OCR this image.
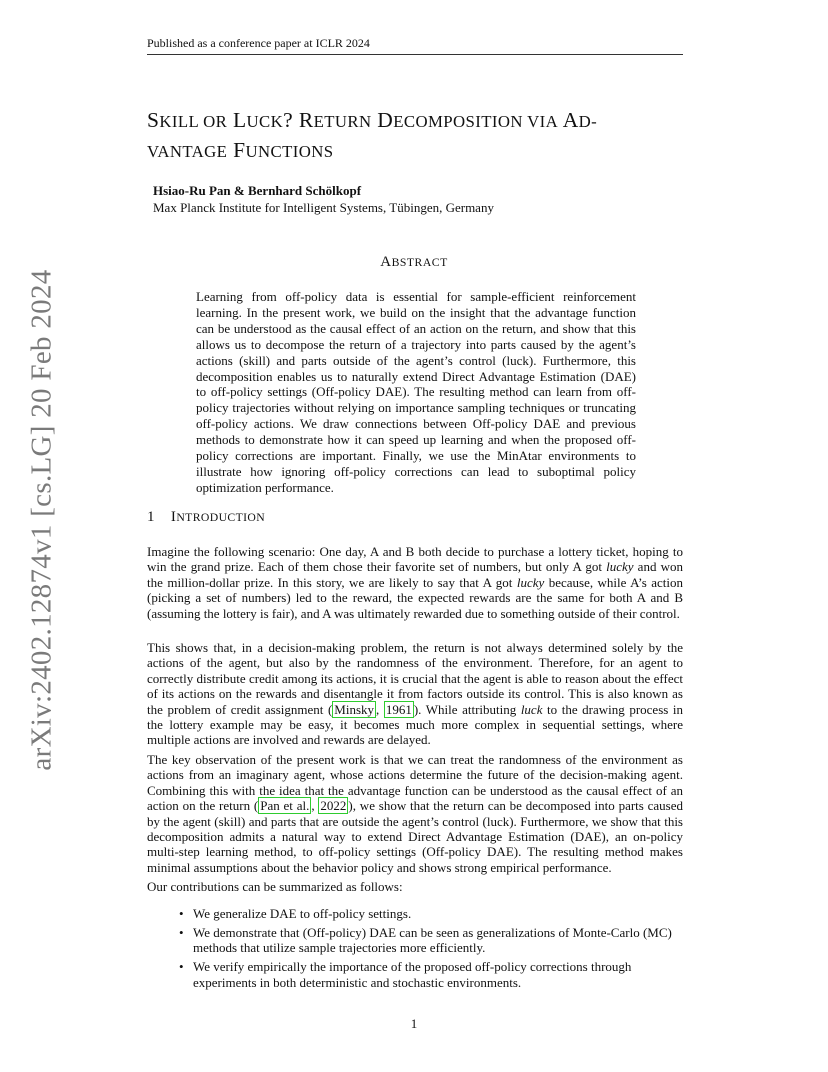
Published as a conference paper at ICLR 2024
SKILL OR LUCK? RETURN DECOMPOSITION VIA AD-
VANTAGE FUNCTIONS
Hsiao-Ru Pan & Bernhard Schölkopf
Max Planck Institute for Intelligent Systems, Tübingen, Germany
ABSTRACT
Learning from off-policy data is essential for sample-efficient reinforcement learning. In the present work, we build on the insight that the advantage function can be understood as the causal effect of an action on the return, and show that this allows us to decompose the return of a trajectory into parts caused by the agent’s actions (skill) and parts outside of the agent’s control (luck). Furthermore, this decomposition enables us to naturally extend Direct Advantage Estimation (DAE) to off-policy settings (Off-policy DAE). The resulting method can learn from off-policy trajectories without relying on importance sampling techniques or truncating off-policy actions. We draw connections between Off-policy DAE and previous methods to demonstrate how it can speed up learning and when the proposed off-policy corrections are important. Finally, we use the MinAtar environments to illustrate how ignoring off-policy corrections can lead to suboptimal policy optimization performance.
1 INTRODUCTION

Imagine the following scenario: One day, A and B both decide to purchase a lottery ticket, hoping to win the grand prize. Each of them chose their favorite set of numbers, but only A got lucky and won the million-dollar prize. In this story, we are likely to say that A got lucky because, while A’s action (picking a set of numbers) led to the reward, the expected rewards are the same for both A and B (assuming the lottery is fair), and A was ultimately rewarded due to something outside of their control.

This shows that, in a decision-making problem, the return is not always determined solely by the actions of the agent, but also by the randomness of the environment. Therefore, for an agent to correctly distribute credit among its actions, it is crucial that the agent is able to reason about the effect of its actions on the rewards and disentangle it from factors outside its control. This is also known as the problem of credit assignment ( Minsky , 1961 ). While attributing luck to the drawing process in the lottery example may be easy, it becomes much more complex in sequential settings, where multiple actions are involved and rewards are delayed.

The key observation of the present work is that we can treat the randomness of the environment as actions from an imaginary agent, whose actions determine the future of the decision-making agent. Combining this with the idea that the advantage function can be understood as the causal effect of an action on the return ( Pan et al. , 2022 ), we show that the return can be decomposed into parts caused by the agent (skill) and parts that are outside the agent’s control (luck). Furthermore, we show that this decomposition admits a natural way to extend Direct Advantage Estimation (DAE), an on-policy multi-step learning method, to off-policy settings (Off-policy DAE). The resulting method makes minimal assumptions about the behavior policy and shows strong empirical performance.

Our contributions can be summarized as follows:

• We generalize DAE to off-policy settings.
• We demonstrate that (Off-policy) DAE can be seen as generalizations of Monte-Carlo (MC) methods that utilize sample trajectories more efficiently.
• We verify empirically the importance of the proposed off-policy corrections through experiments in both deterministic and stochastic environments.
1
arXiv:2402.12874v1 [cs.LG] 20 Feb 2024
